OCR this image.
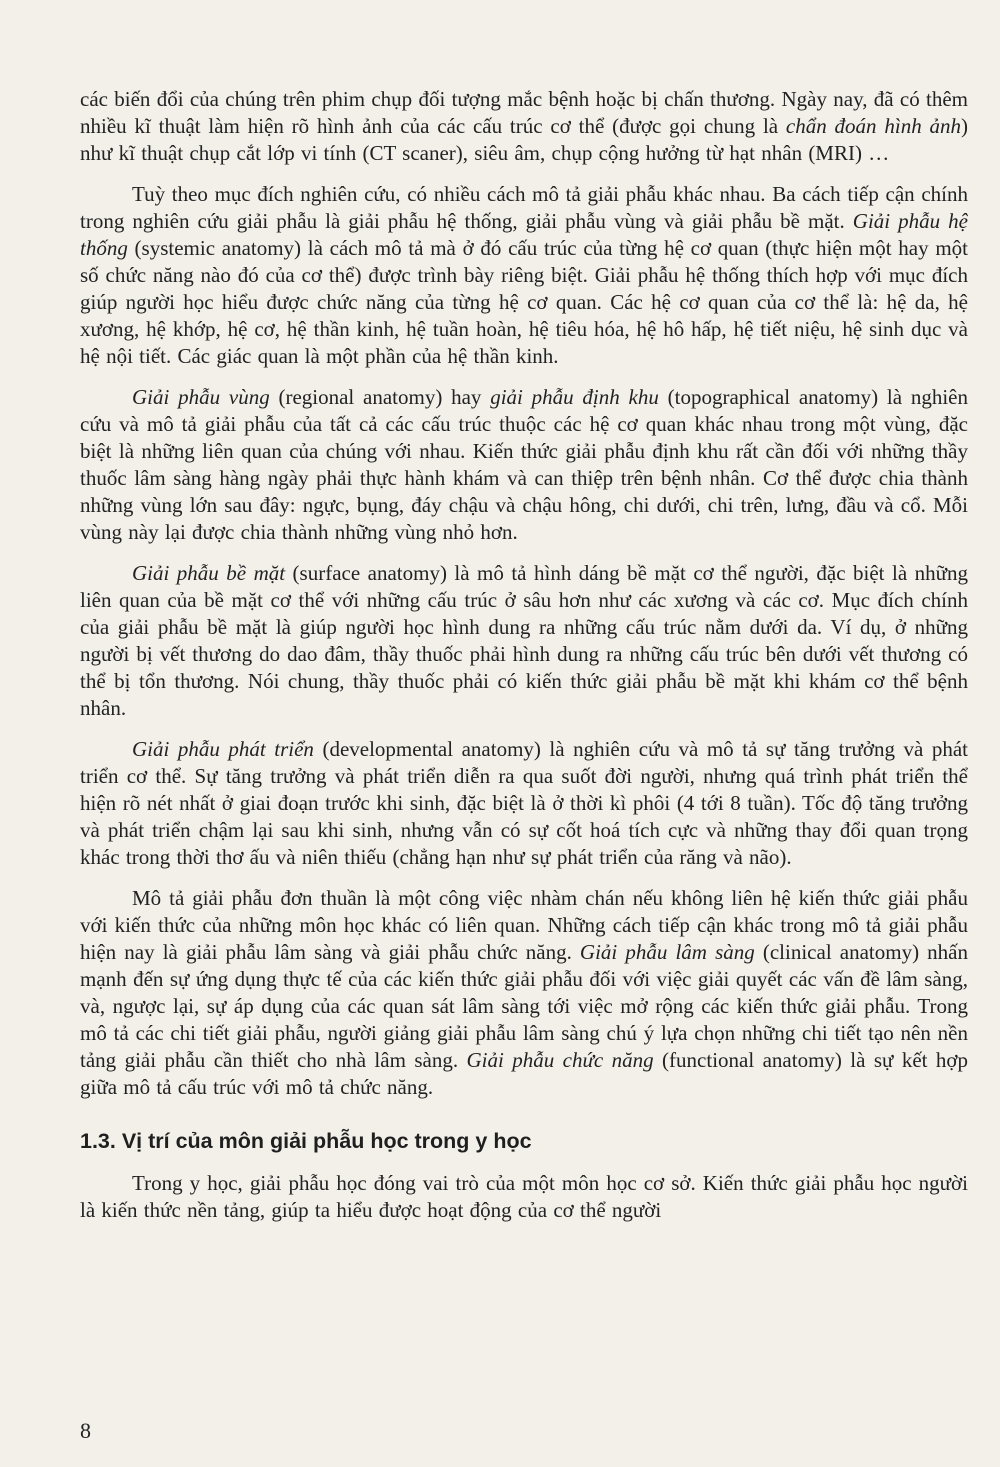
các biến đổi của chúng trên phim chụp đối tượng mắc bệnh hoặc bị chấn thương. Ngày nay, đã có thêm nhiều kĩ thuật làm hiện rõ hình ảnh của các cấu trúc cơ thể (được gọi chung là chẩn đoán hình ảnh) như kĩ thuật chụp cắt lớp vi tính (CT scaner), siêu âm, chụp cộng hưởng từ hạt nhân (MRI) …

Tuỳ theo mục đích nghiên cứu, có nhiều cách mô tả giải phẫu khác nhau. Ba cách tiếp cận chính trong nghiên cứu giải phẫu là giải phẫu hệ thống, giải phẫu vùng và giải phẫu bề mặt. Giải phẫu hệ thống (systemic anatomy) là cách mô tả mà ở đó cấu trúc của từng hệ cơ quan (thực hiện một hay một số chức năng nào đó của cơ thể) được trình bày riêng biệt. Giải phẫu hệ thống thích hợp với mục đích giúp người học hiểu được chức năng của từng hệ cơ quan. Các hệ cơ quan của cơ thể là: hệ da, hệ xương, hệ khớp, hệ cơ, hệ thần kinh, hệ tuần hoàn, hệ tiêu hóa, hệ hô hấp, hệ tiết niệu, hệ sinh dục và hệ nội tiết. Các giác quan là một phần của hệ thần kinh.

Giải phẫu vùng (regional anatomy) hay giải phẫu định khu (topographical anatomy) là nghiên cứu và mô tả giải phẫu của tất cả các cấu trúc thuộc các hệ cơ quan khác nhau trong một vùng, đặc biệt là những liên quan của chúng với nhau. Kiến thức giải phẫu định khu rất cần đối với những thầy thuốc lâm sàng hàng ngày phải thực hành khám và can thiệp trên bệnh nhân. Cơ thể được chia thành những vùng lớn sau đây: ngực, bụng, đáy chậu và chậu hông, chi dưới, chi trên, lưng, đầu và cổ. Mỗi vùng này lại được chia thành những vùng nhỏ hơn.

Giải phẫu bề mặt (surface anatomy) là mô tả hình dáng bề mặt cơ thể người, đặc biệt là những liên quan của bề mặt cơ thể với những cấu trúc ở sâu hơn như các xương và các cơ. Mục đích chính của giải phẫu bề mặt là giúp người học hình dung ra những cấu trúc nằm dưới da. Ví dụ, ở những người bị vết thương do dao đâm, thầy thuốc phải hình dung ra những cấu trúc bên dưới vết thương có thể bị tổn thương. Nói chung, thầy thuốc phải có kiến thức giải phẫu bề mặt khi khám cơ thể bệnh nhân.

Giải phẫu phát triển (developmental anatomy) là nghiên cứu và mô tả sự tăng trưởng và phát triển cơ thể. Sự tăng trưởng và phát triển diễn ra qua suốt đời người, nhưng quá trình phát triển thể hiện rõ nét nhất ở giai đoạn trước khi sinh, đặc biệt là ở thời kì phôi (4 tới 8 tuần). Tốc độ tăng trưởng và phát triển chậm lại sau khi sinh, nhưng vẫn có sự cốt hoá tích cực và những thay đổi quan trọng khác trong thời thơ ấu và niên thiếu (chẳng hạn như sự phát triển của răng và não).

Mô tả giải phẫu đơn thuần là một công việc nhàm chán nếu không liên hệ kiến thức giải phẫu với kiến thức của những môn học khác có liên quan. Những cách tiếp cận khác trong mô tả giải phẫu hiện nay là giải phẫu lâm sàng và giải phẫu chức năng. Giải phẫu lâm sàng (clinical anatomy) nhấn mạnh đến sự ứng dụng thực tế của các kiến thức giải phẫu đối với việc giải quyết các vấn đề lâm sàng, và, ngược lại, sự áp dụng của các quan sát lâm sàng tới việc mở rộng các kiến thức giải phẫu. Trong mô tả các chi tiết giải phẫu, người giảng giải phẫu lâm sàng chú ý lựa chọn những chi tiết tạo nên nền tảng giải phẫu cần thiết cho nhà lâm sàng. Giải phẫu chức năng (functional anatomy) là sự kết hợp giữa mô tả cấu trúc với mô tả chức năng.

1.3. Vị trí của môn giải phẫu học trong y học

Trong y học, giải phẫu học đóng vai trò của một môn học cơ sở. Kiến thức giải phẫu học người là kiến thức nền tảng, giúp ta hiểu được hoạt động của cơ thể người

8
